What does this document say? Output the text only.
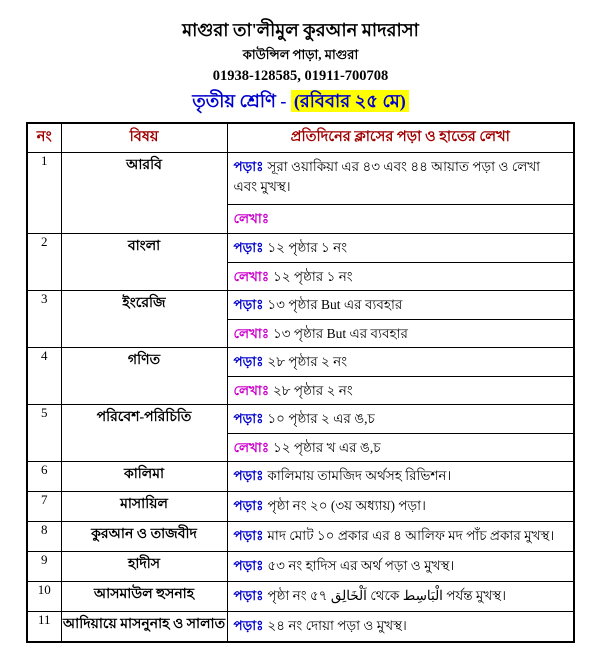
মাগুরা তা'লীমুল কুরআন মাদরাসা
কাউন্সিল পাড়া, মাগুরা
01938-128585, 01911-700708
তৃতীয় শ্রেণি - (রবিবার ২৫ মে)
নং	বিষয়	প্রতিদিনের ক্লাসের পড়া ও হাতের লেখা
1	আরবি	পড়াঃ সূরা ওয়াকিয়া এর ৪৩ এবং ৪৪ আয়াত পড়া ও লেখা এবং মুখস্থ।
লেখাঃ

2	বাংলা	পড়াঃ ১২ পৃষ্ঠার ১ নং
লেখাঃ ১২ পৃষ্ঠার ১ নং

3	ইংরেজি	পড়াঃ ১৩ পৃষ্ঠার But এর ব্যবহার
লেখাঃ ১৩ পৃষ্ঠার But এর ব্যবহার

4	গণিত	পড়াঃ ২৮ পৃষ্ঠার ২ নং
লেখাঃ ২৮ পৃষ্ঠার ২ নং

5	পরিবেশ-পরিচিতি	পড়াঃ ১০ পৃষ্ঠার ২ এর ঙ,চ
লেখাঃ ১২ পৃষ্ঠার খ এর ঙ,চ

6	কালিমা	পড়াঃ কালিমায় তামজিদ অর্থসহ রিভিশন।

7	মাসায়িল	পড়াঃ পৃষ্ঠা নং ২০ (৩য় অধ্যায়) পড়া।

8	কুরআন ও তাজবীদ	পড়াঃ মাদ মোট ১০ প্রকার এর ৪ আলিফ মদ পাঁচ প্রকার মুখস্থ।

9	হাদীস	পড়াঃ ৫৩ নং হাদিস এর অর্থ পড়া ও মুখস্থ।

10	আসমাউল হুসনাহ	পড়াঃ পৃষ্ঠা নং ৫৭ اَلْخَالِق থেকে الْبَاسِط পর্যন্ত মুখস্থ।

11	আদিয়ায়ে মাসনুনাহ ও সালাত	পড়াঃ ২৪ নং দোয়া পড়া ও মুখস্থ।
